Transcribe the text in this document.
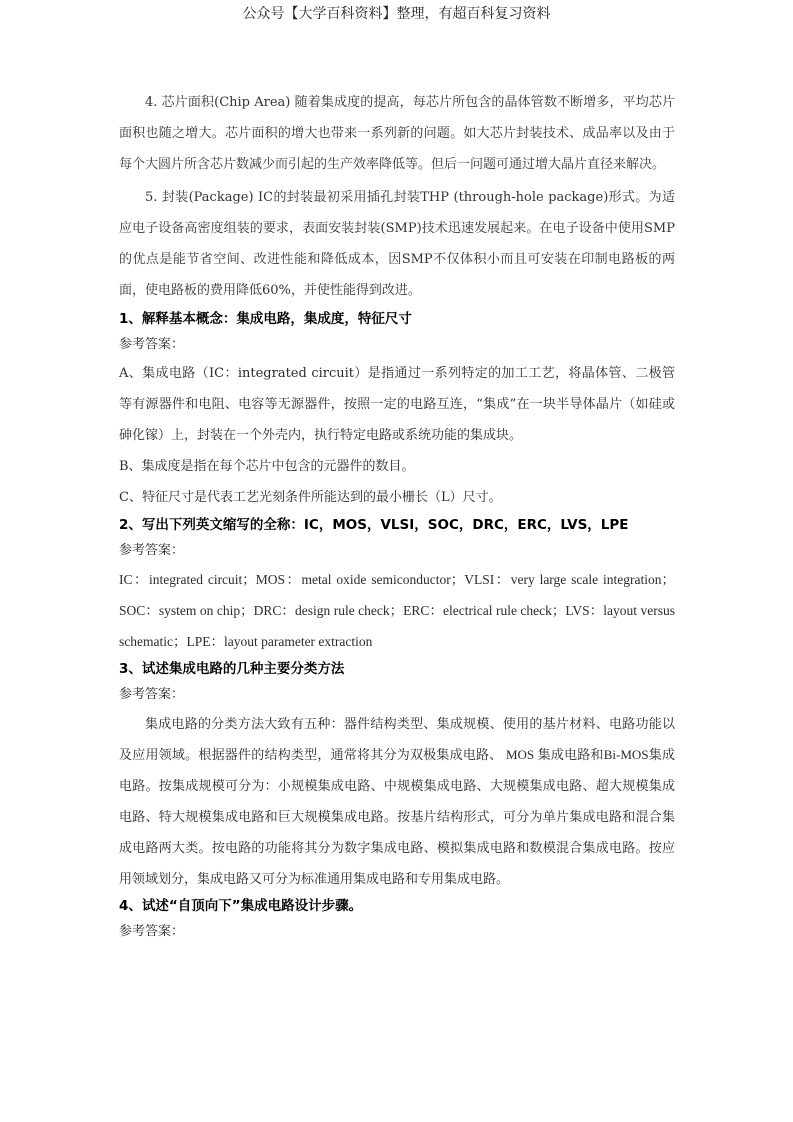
公众号【大学百科资料】整理，有超百科复习资料

4. 芯片面积(Chip Area) 随着集成度的提高，每芯片所包含的晶体管数不断增多，平均芯片面积也随之增大。芯片面积的增大也带来一系列新的问题。如大芯片封装技术、成品率以及由于每个大圆片所含芯片数减少而引起的生产效率降低等。但后一问题可通过增大晶片直径来解决。

5. 封装(Package) IC的封装最初采用插孔封装THP (through-hole package)形式。为适应电子设备高密度组装的要求，表面安装封装(SMP)技术迅速发展起来。在电子设备中使用SMP的优点是能节省空间、改进性能和降低成本，因SMP不仅体积小而且可安装在印制电路板的两面，使电路板的费用降低60%，并使性能得到改进。

1、解释基本概念：集成电路，集成度，特征尺寸
参考答案：

A、集成电路（IC：integrated circuit）是指通过一系列特定的加工工艺，将晶体管、二极管等有源器件和电阻、电容等无源器件，按照一定的电路互连，“集成”在一块半导体晶片（如硅或砷化镓）上，封装在一个外壳内，执行特定电路或系统功能的集成块。

B、集成度是指在每个芯片中包含的元器件的数目。

C、特征尺寸是代表工艺光刻条件所能达到的最小栅长（L）尺寸。

2、写出下列英文缩写的全称：IC，MOS，VLSI，SOC，DRC，ERC，LVS，LPE
参考答案：

IC：integrated circuit；MOS：metal oxide semiconductor；VLSI：very large scale integration；SOC：system on chip；DRC：design rule check；ERC：electrical rule check；LVS：layout versus schematic；LPE：layout parameter extraction

3、试述集成电路的几种主要分类方法
参考答案：

集成电路的分类方法大致有五种：器件结构类型、集成规模、使用的基片材料、电路功能以及应用领域。根据器件的结构类型，通常将其分为双极集成电路、 MOS 集成电路和Bi-MOS集成电路。按集成规模可分为：小规模集成电路、中规模集成电路、大规模集成电路、超大规模集成电路、特大规模集成电路和巨大规模集成电路。按基片结构形式，可分为单片集成电路和混合集成电路两大类。按电路的功能将其分为数字集成电路、模拟集成电路和数模混合集成电路。按应用领域划分，集成电路又可分为标准通用集成电路和专用集成电路。

4、试述“自顶向下”集成电路设计步骤。
参考答案：
